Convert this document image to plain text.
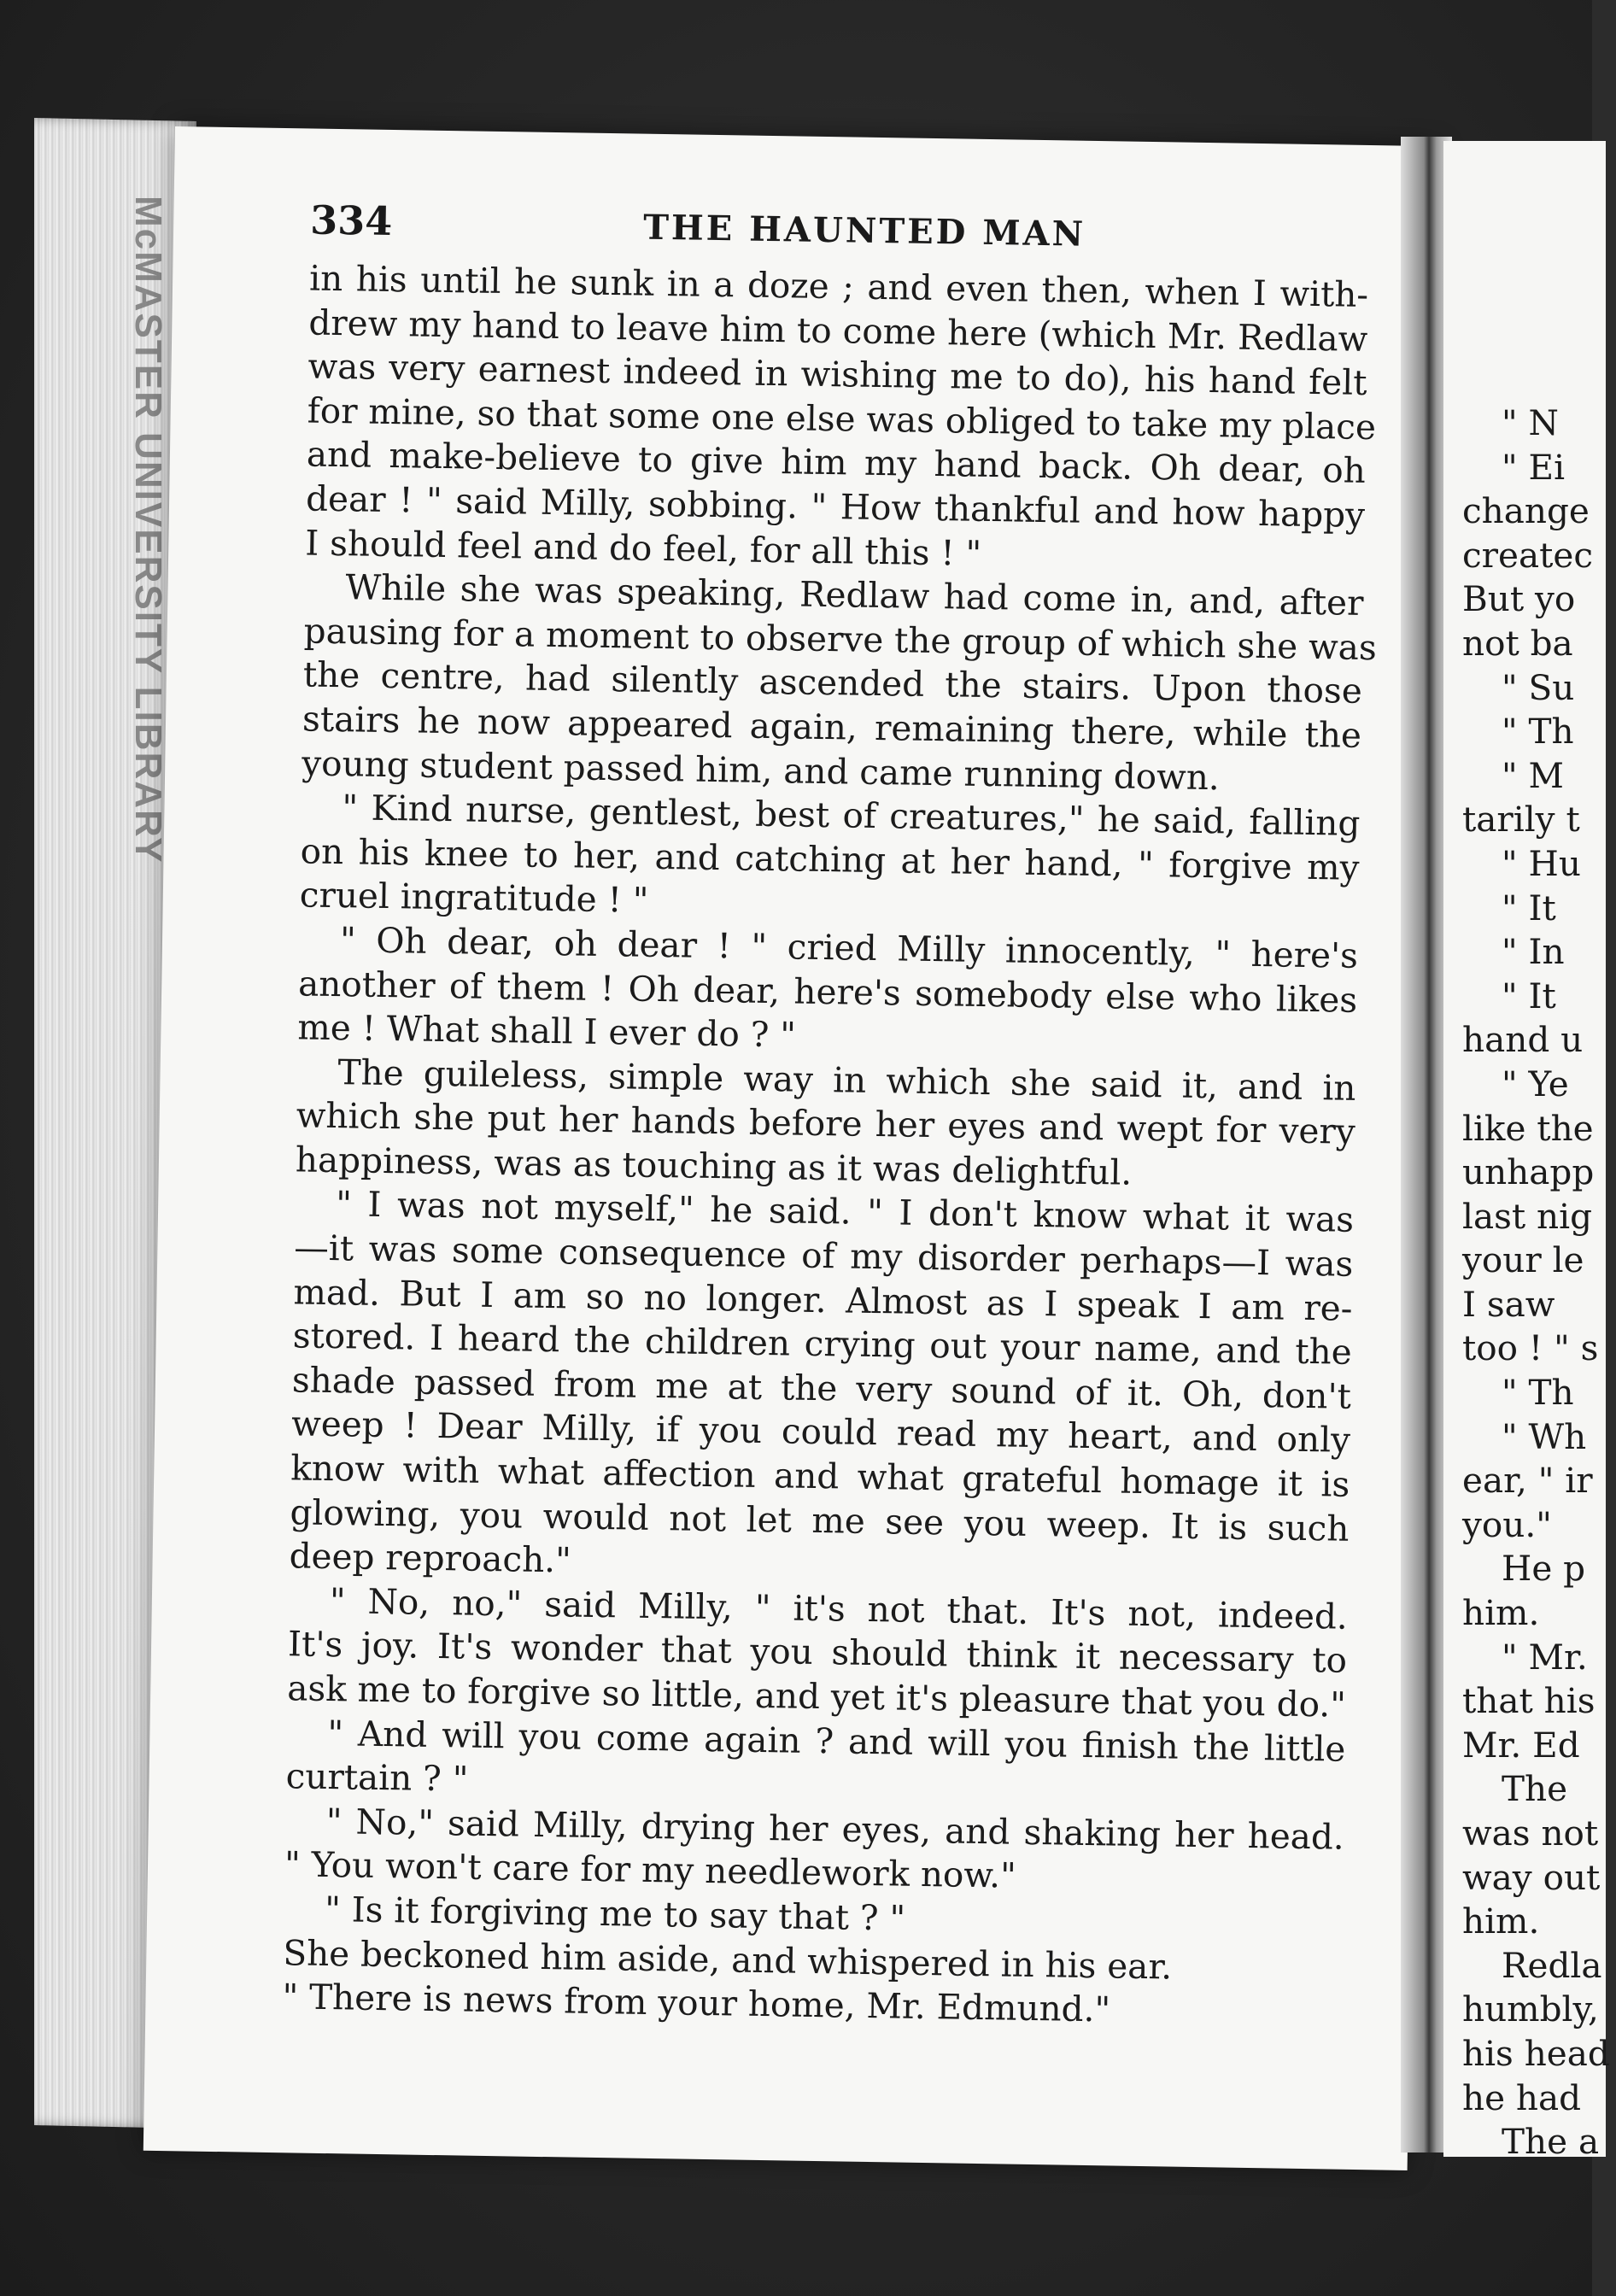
McMASTER UNIVERSITY LIBRARY	334	THE HAUNTED MAN
in his until he sunk in a doze ; and even then, when I with-
drew my hand to leave him to come here (which Mr. Redlaw
was very earnest indeed in wishing me to do), his hand felt
for mine, so that some one else was obliged to take my place
and make-believe to give him my hand back. Oh dear, oh
dear ! " said Milly, sobbing. " How thankful and how happy
I should feel and do feel, for all this ! "
While she was speaking, Redlaw had come in, and, after
pausing for a moment to observe the group of which she was
the centre, had silently ascended the stairs. Upon those
stairs he now appeared again, remaining there, while the
young student passed him, and came running down.
" Kind nurse, gentlest, best of creatures," he said, falling
on his knee to her, and catching at her hand, " forgive my
cruel ingratitude ! "
" Oh dear, oh dear ! " cried Milly innocently, " here's
another of them ! Oh dear, here's somebody else who likes
me ! What shall I ever do ? "
The guileless, simple way in which she said it, and in
which she put her hands before her eyes and wept for very
happiness, was as touching as it was delightful.
" I was not myself," he said. " I don't know what it was
—it was some consequence of my disorder perhaps—I was
mad. But I am so no longer. Almost as I speak I am re-
stored. I heard the children crying out your name, and the
shade passed from me at the very sound of it. Oh, don't
weep ! Dear Milly, if you could read my heart, and only
know with what affection and what grateful homage it is
glowing, you would not let me see you weep. It is such
deep reproach."
" No, no," said Milly, " it's not that. It's not, indeed.
It's joy. It's wonder that you should think it necessary to
ask me to forgive so little, and yet it's pleasure that you do."
" And will you come again ? and will you finish the little
curtain ? "
" No," said Milly, drying her eyes, and shaking her head.
" You won't care for my needlework now."
" Is it forgiving me to say that ? "
She beckoned him aside, and whispered in his ear.
" There is news from your home, Mr. Edmund."
" N
" Ei
change
createc
But yo
not ba
" Su
" Th
" M
tarily t
" Hu
" It
" In
" It
hand u
" Ye
like the
unhapp
last nig
your le
I saw
too ! " s
" Th
" Wh
ear, " ir
you."
He p
him.
" Mr.
that his
Mr. Ed
The
was not
way out
him.
Redla
humbly,
his head
he had
The a
